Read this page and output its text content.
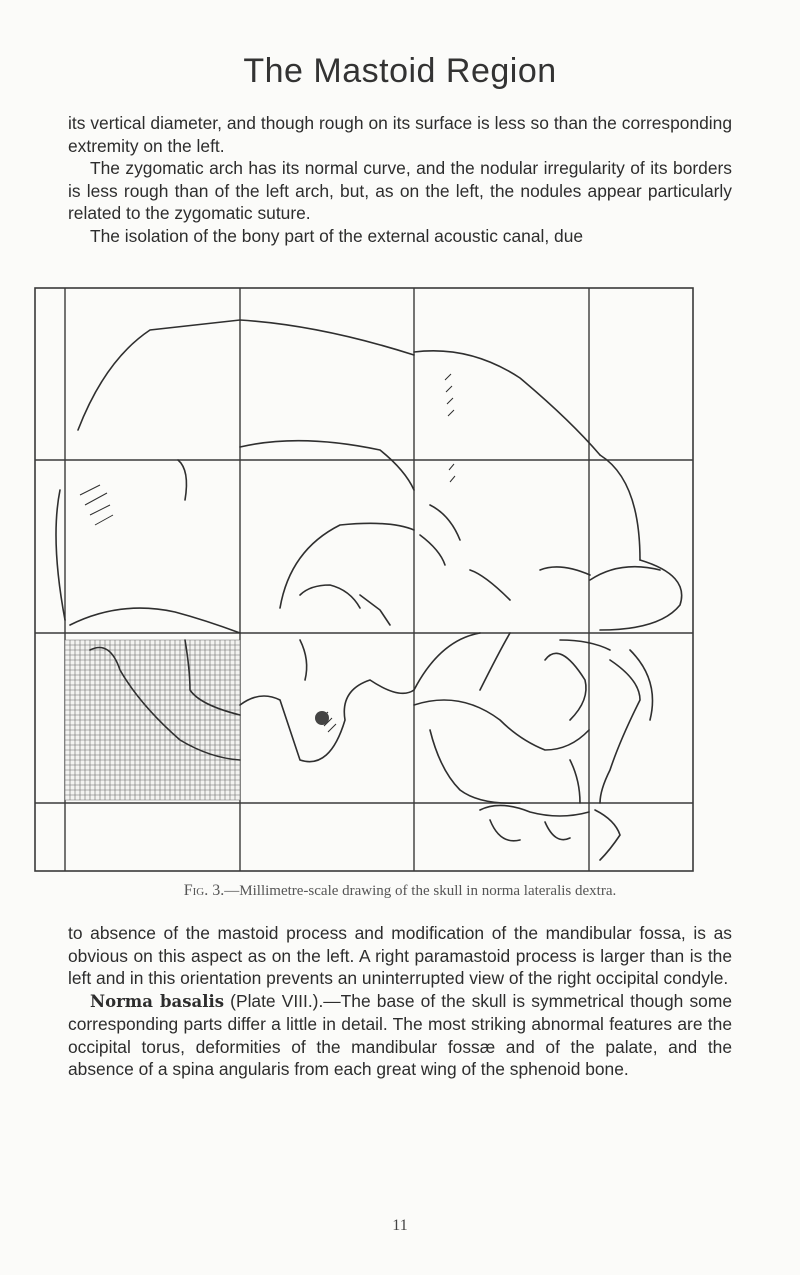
The Mastoid Region

its vertical diameter, and though rough on its surface is less so than the corresponding extremity on the left.

The zygomatic arch has its normal curve, and the nodular irregularity of its borders is less rough than of the left arch, but, as on the left, the nodules appear particularly related to the zygomatic suture.

The isolation of the bony part of the external acoustic canal, due

Fig. 3.—Millimetre-scale drawing of the skull in norma lateralis dextra.

to absence of the mastoid process and modification of the mandibular fossa, is as obvious on this aspect as on the left. A right paramastoid process is larger than is the left and in this orientation prevents an uninterrupted view of the right occipital condyle.

Norma basalis (Plate VIII.).—The base of the skull is symmetrical though some corresponding parts differ a little in detail. The most striking abnormal features are the occipital torus, deformities of the mandibular fossæ and of the palate, and the absence of a spina angularis from each great wing of the sphenoid bone.

11
